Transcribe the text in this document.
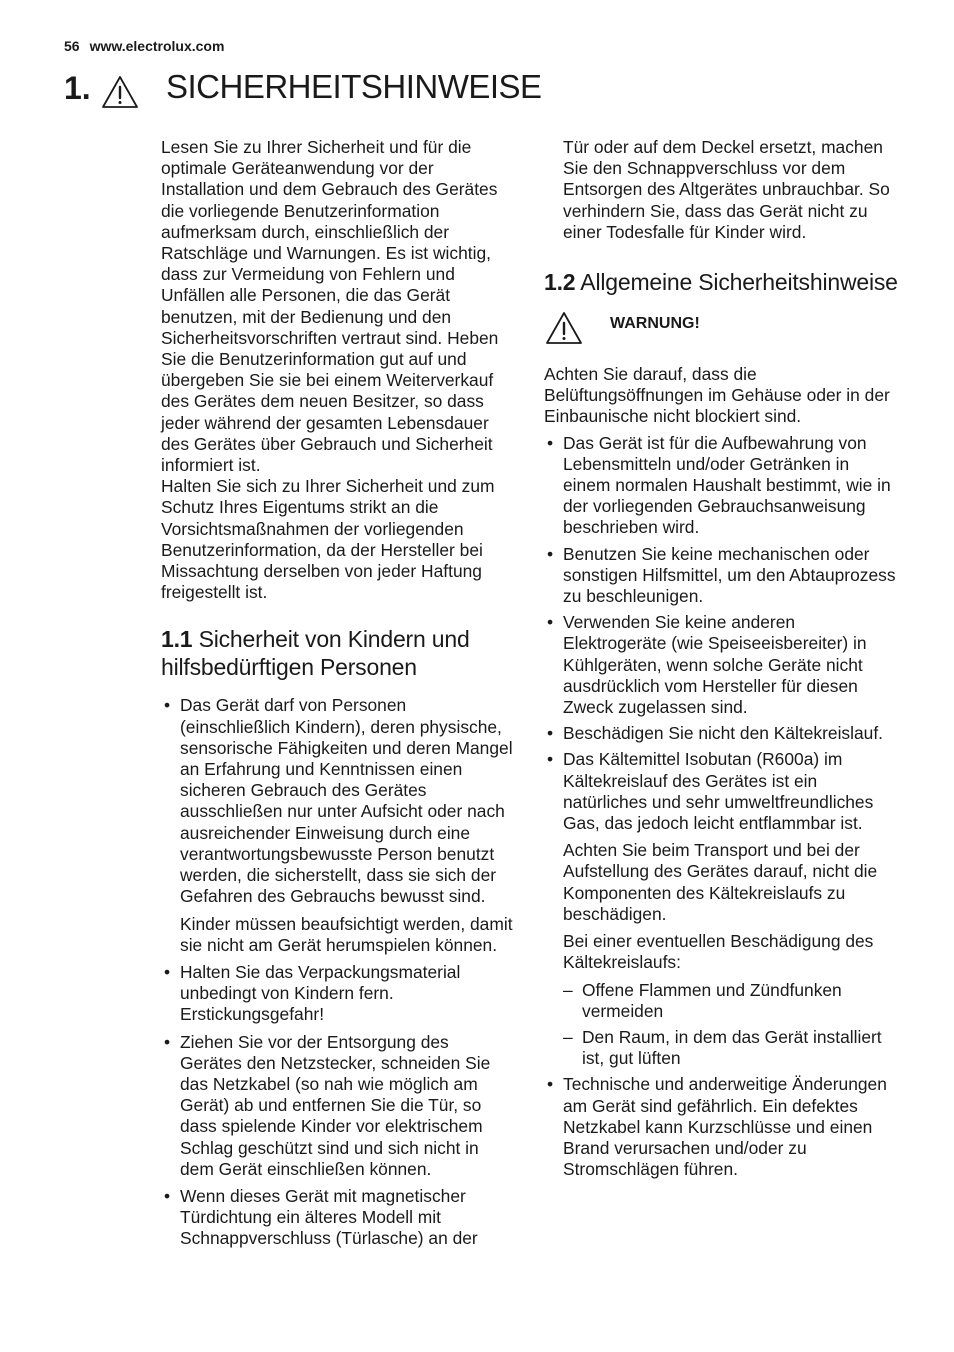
56 www.electrolux.com
1. SICHERHEITSHINWEISE

Lesen Sie zu Ihrer Sicherheit und für die optimale Geräteanwendung vor der Installation und dem Gebrauch des Gerätes die vorliegende Benutzerinformation aufmerksam durch, einschließlich der Ratschläge und Warnungen. Es ist wichtig, dass zur Vermeidung von Fehlern und Unfällen alle Personen, die das Gerät benutzen, mit der Bedienung und den Sicherheitsvorschriften vertraut sind. Heben Sie die Benutzerinformation gut auf und übergeben Sie sie bei einem Weiterverkauf des Gerätes dem neuen Besitzer, so dass jeder während der gesamten Lebensdauer des Gerätes über Gebrauch und Sicherheit informiert ist.

Halten Sie sich zu Ihrer Sicherheit und zum Schutz Ihres Eigentums strikt an die Vorsichtsmaßnahmen der vorliegenden Benutzerinformation, da der Hersteller bei Missachtung derselben von jeder Haftung freigestellt ist.

1.1 Sicherheit von Kindern und hilfsbedürftigen Personen

• Das Gerät darf von Personen (einschließlich Kindern), deren physische, sensorische Fähigkeiten und deren Mangel an Erfahrung und Kenntnissen einen sicheren Gebrauch des Gerätes ausschließen nur unter Aufsicht oder nach ausreichender Einweisung durch eine verantwortungsbewusste Person benutzt werden, die sicherstellt, dass sie sich der Gefahren des Gebrauchs bewusst sind.

Kinder müssen beaufsichtigt werden, damit sie nicht am Gerät herumspielen können.

• Halten Sie das Verpackungsmaterial unbedingt von Kindern fern. Erstickungsgefahr!

• Ziehen Sie vor der Entsorgung des Gerätes den Netzstecker, schneiden Sie das Netzkabel (so nah wie möglich am Gerät) ab und entfernen Sie die Tür, so dass spielende Kinder vor elektrischem Schlag geschützt sind und sich nicht in dem Gerät einschließen können.

• Wenn dieses Gerät mit magnetischer Türdichtung ein älteres Modell mit Schnappverschluss (Türlasche) an der

Tür oder auf dem Deckel ersetzt, machen Sie den Schnappverschluss vor dem Entsorgen des Altgerätes unbrauchbar. So verhindern Sie, dass das Gerät nicht zu einer Todesfalle für Kinder wird.

1.2 Allgemeine Sicherheitshinweise
WARNUNG!

Achten Sie darauf, dass die Belüftungsöffnungen im Gehäuse oder in der Einbaunische nicht blockiert sind.

• Das Gerät ist für die Aufbewahrung von Lebensmitteln und/oder Getränken in einem normalen Haushalt bestimmt, wie in der vorliegenden Gebrauchsanweisung beschrieben wird.

• Benutzen Sie keine mechanischen oder sonstigen Hilfsmittel, um den Abtauprozess zu beschleunigen.

• Verwenden Sie keine anderen Elektrogeräte (wie Speiseeisbereiter) in Kühlgeräten, wenn solche Geräte nicht ausdrücklich vom Hersteller für diesen Zweck zugelassen sind.

• Beschädigen Sie nicht den Kältekreislauf.

• Das Kältemittel Isobutan (R600a) im Kältekreislauf des Gerätes ist ein natürliches und sehr umweltfreundliches Gas, das jedoch leicht entflammbar ist.

Achten Sie beim Transport und bei der Aufstellung des Gerätes darauf, nicht die Komponenten des Kältekreislaufs zu beschädigen.

Bei einer eventuellen Beschädigung des Kältekreislaufs:

– Offene Flammen und Zündfunken vermeiden
– Den Raum, in dem das Gerät installiert ist, gut lüften

• Technische und anderweitige Änderungen am Gerät sind gefährlich. Ein defektes Netzkabel kann Kurzschlüsse und einen Brand verursachen und/oder zu Stromschlägen führen.
